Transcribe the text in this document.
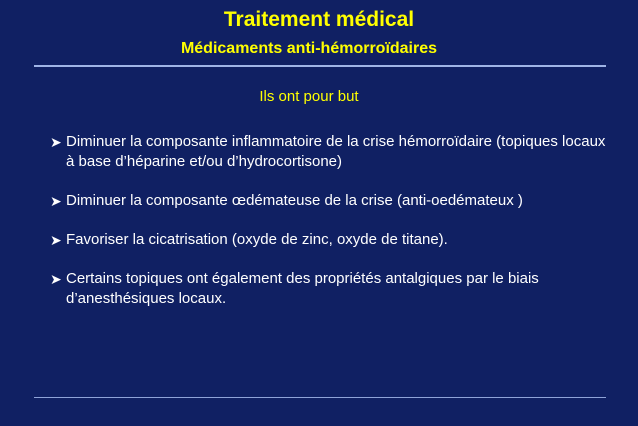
Traitement médical
Médicaments anti-hémorroïdaires
Ils ont pour but
➤ Diminuer la composante inflammatoire de la crise hémorroïdaire (topiques locaux à base d’héparine et/ou d’hydrocortisone)
➤ Diminuer la composante œdémateuse de la crise (anti-oedémateux )
➤ Favoriser la cicatrisation (oxyde de zinc, oxyde de titane).
➤ Certains topiques ont également des propriétés antalgiques par le biais d’anesthésiques locaux.
